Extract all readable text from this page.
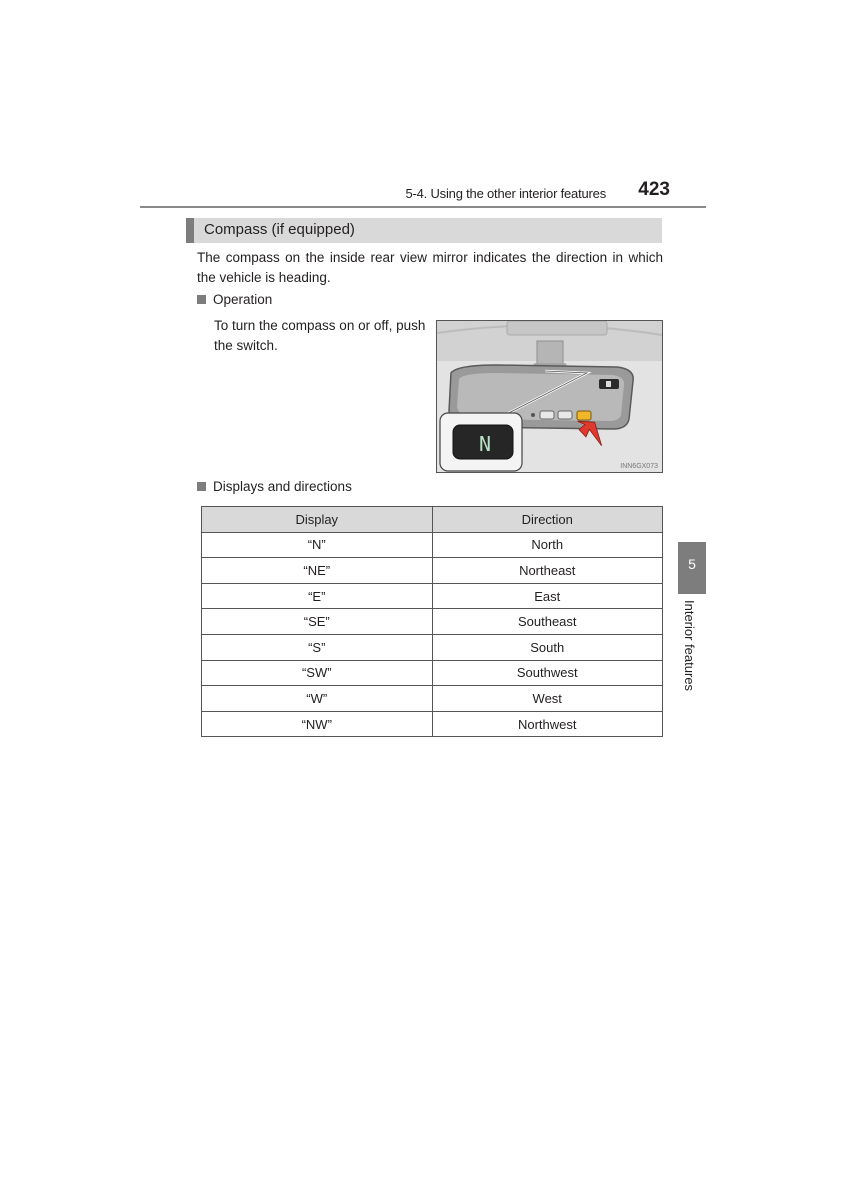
5-4. Using the other interior features 423
Compass (if equipped)
The compass on the inside rear view mirror indicates the direction in which the vehicle is heading.
Operation
To turn the compass on or off, push the switch.
N
INN6GX073
Displays and directions
Display	Direction
“N”	North
“NE”	Northeast
“E”	East
“SE”	Southeast
“S”	South
“SW”	Southwest
“W”	West
“NW”	Northwest
5
Interior features
